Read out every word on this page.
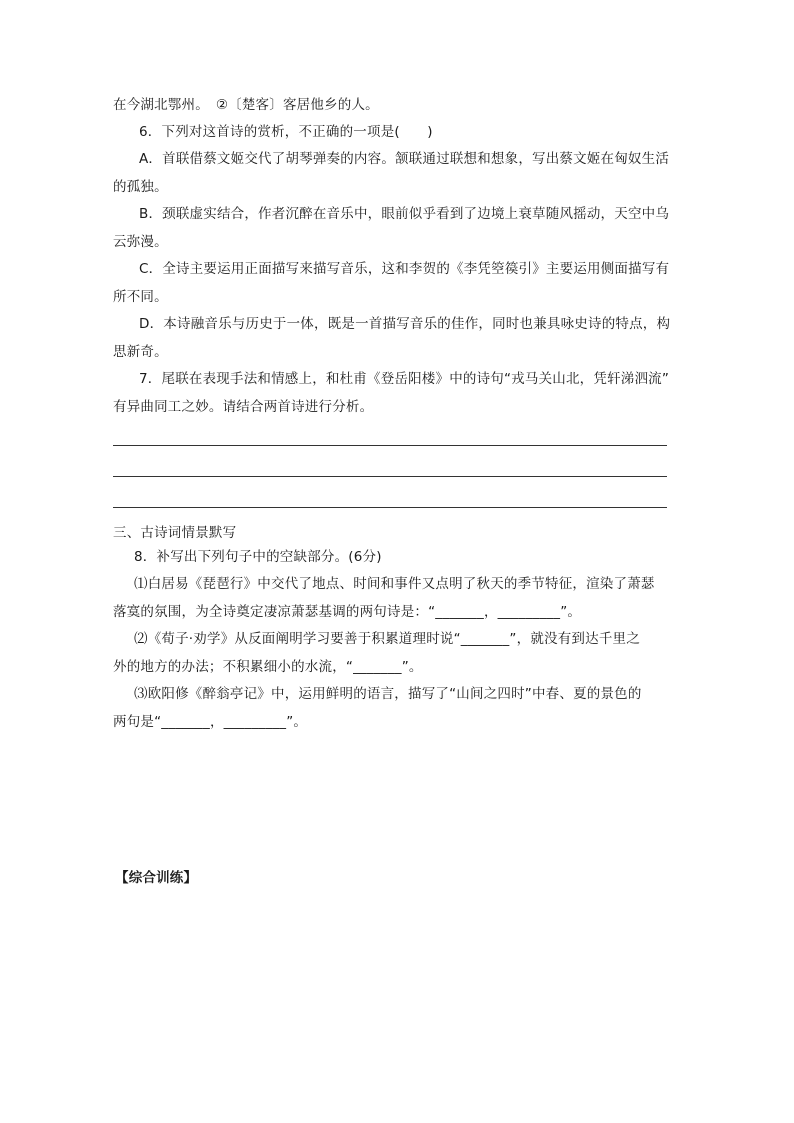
在今湖北鄂州。　②〔楚客〕客居他乡的人。
6．下列对这首诗的赏析，不正确的一项是(　　)
A．首联借蔡文姬交代了胡琴弹奏的内容。颔联通过联想和想象，写出蔡文姬在匈奴生活
的孤独。
B．颈联虚实结合，作者沉醉在音乐中，眼前似乎看到了边境上衰草随风摇动，天空中乌
云弥漫。
C．全诗主要运用正面描写来描写音乐，这和李贺的《李凭箜篌引》主要运用侧面描写有
所不同。
D．本诗融音乐与历史于一体，既是一首描写音乐的佳作，同时也兼具咏史诗的特点，构
思新奇。
7．尾联在表现手法和情感上，和杜甫《登岳阳楼》中的诗句“戎马关山北，凭轩涕泗流”
有异曲同工之妙。请结合两首诗进行分析。
三、古诗词情景默写
8．补写出下列句子中的空缺部分。(6分)
⑴白居易《琵琶行》中交代了地点、时间和事件又点明了秋天的季节特征，渲染了萧瑟
落寞的氛围，为全诗奠定凄凉萧瑟基调的两句诗是：“_______，_________”。
⑵《荀子·劝学》从反面阐明学习要善于积累道理时说“_______”，就没有到达千里之
外的地方的办法；不积累细小的水流，“_______”。
⑶欧阳修《醉翁亭记》中，运用鲜明的语言，描写了“山间之四时”中春、夏的景色的
两句是“_______，_________”。
【综合训练】
